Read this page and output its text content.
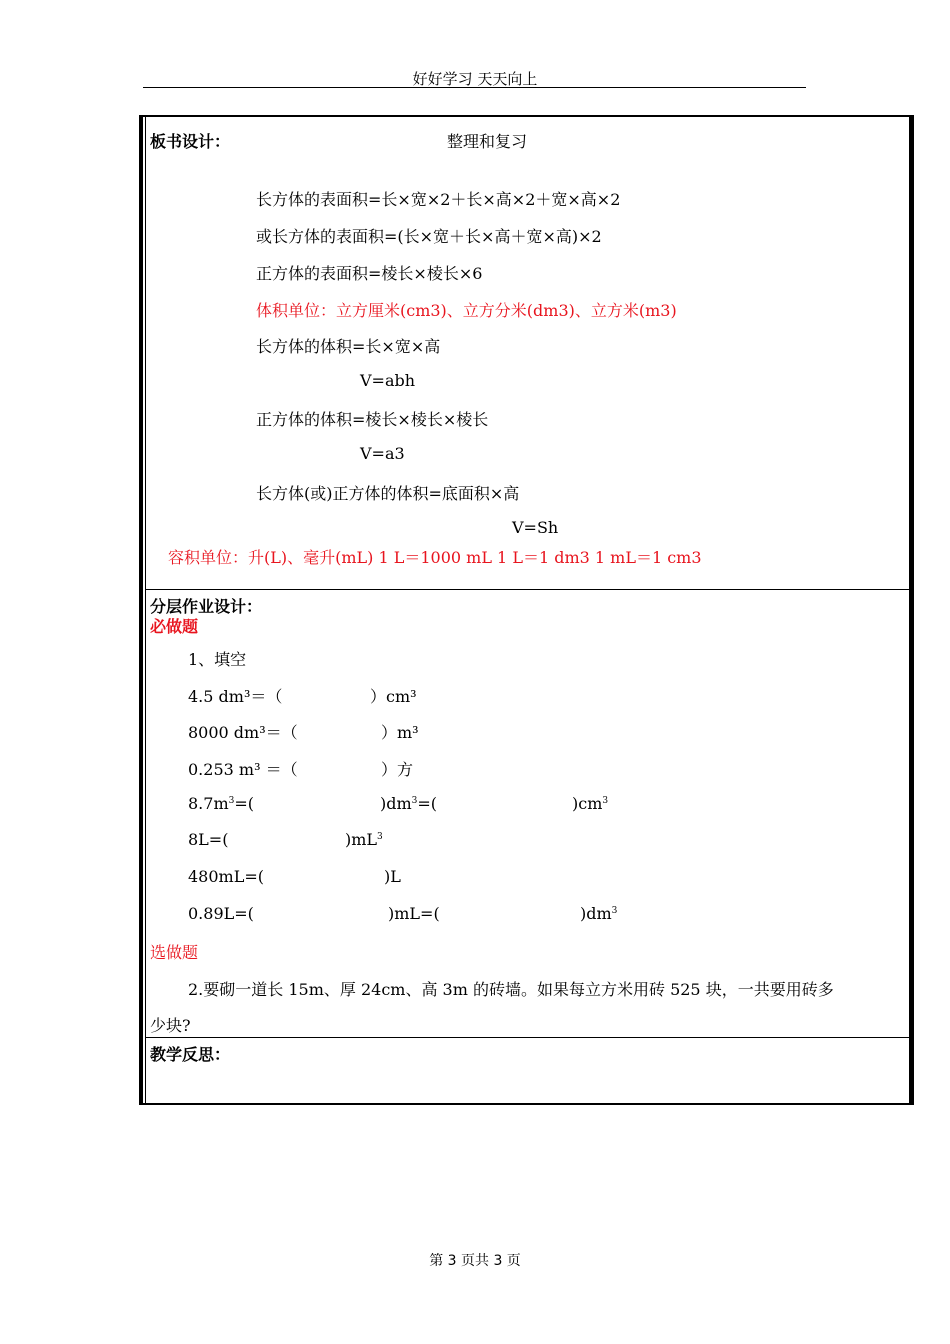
好好学习 天天向上
板书设计：	整理和复习
长方体的表面积=长×宽×2＋长×高×2＋宽×高×2
或长方体的表面积=(长×宽＋长×高＋宽×高)×2
正方体的表面积=棱长×棱长×6
体积单位：立方厘米(cm3)、立方分米(dm3)、立方米(m3)
长方体的体积=长×宽×高
V=abh
正方体的体积=棱长×棱长×棱长
V=a3
长方体(或)正方体的体积=底面积×高
V=Sh
容积单位：升(L)、毫升(mL) 1 L＝1000 mL 1 L＝1 dm3 1 mL＝1 cm3
分层作业设计：
必做题
1、填空
4.5 dm³＝（	）cm³
8000 dm³＝（	）m³
0.253 m³ ＝（	）方
$8.7m^3=$(	)$dm^3=$(	)$cm^3$
8L=(	)$mL^3$
480mL=(	)L
0.89L=(	)mL=(	)$dm^3$
选做题
2.要砌一道长 15m、厚 24cm、高 3m 的砖墙。如果每立方米用砖 525 块，一共要用砖多
少块?
教学反思：
第 3 页共 3 页
